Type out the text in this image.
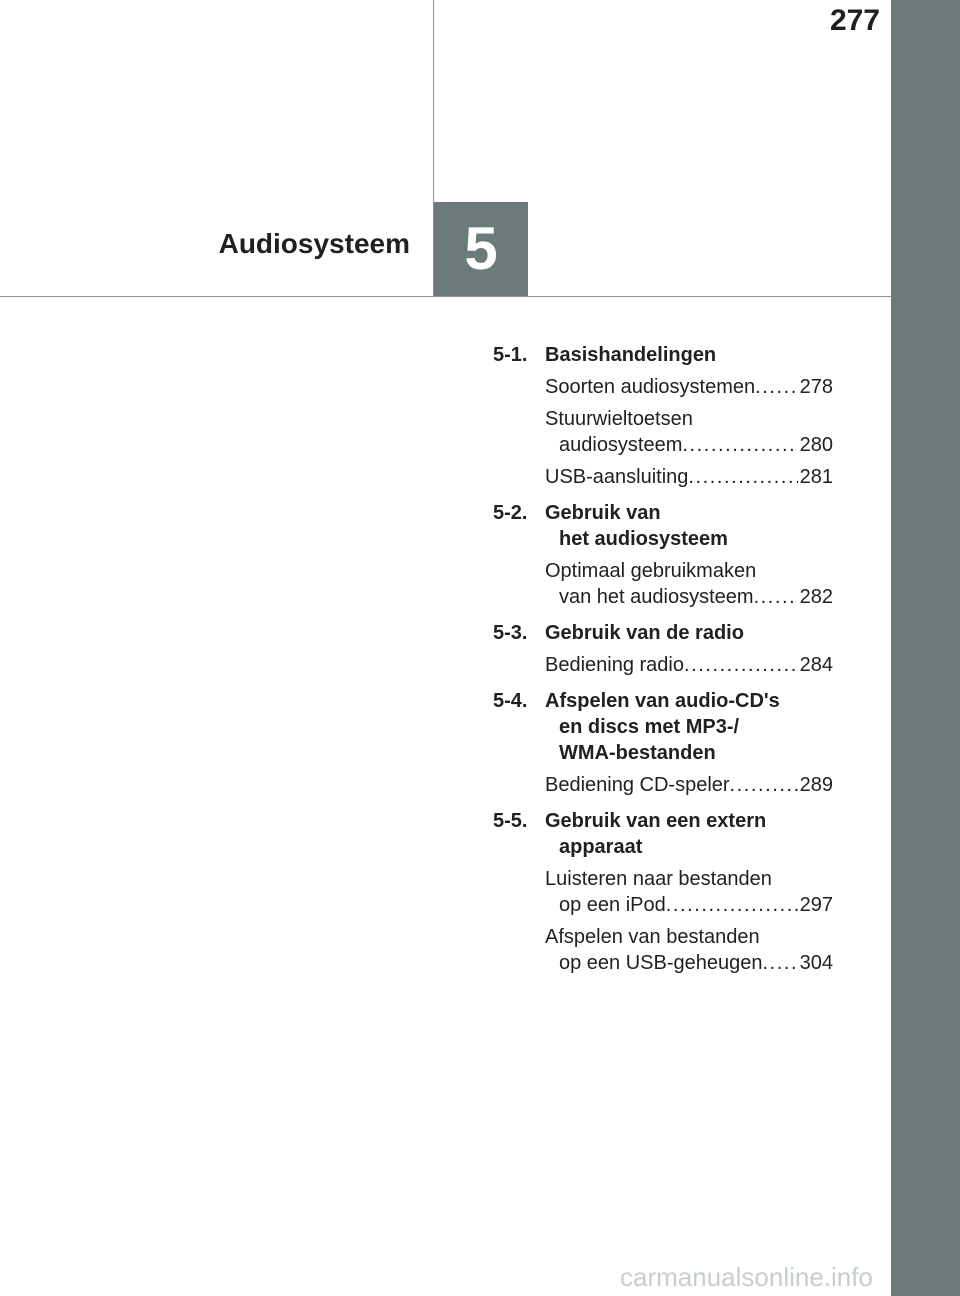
277
5
Audiosysteem
5-1. Basishandelingen
Soorten audiosystemen . . .	278
Stuurwieltoetsen
audiosysteem . . .	280
USB-aansluiting . . .	281
5-2. Gebruik van
het audiosysteem
Optimaal gebruikmaken
van het audiosysteem . . .	282
5-3. Gebruik van de radio
Bediening radio . . .	284
5-4. Afspelen van audio-CD's
en discs met MP3-/
WMA-bestanden
Bediening CD-speler . . .	289
5-5. Gebruik van een extern
apparaat
Luisteren naar bestanden
op een iPod . . .	297
Afspelen van bestanden
op een USB-geheugen . . .	304
carmanualsonline.info
